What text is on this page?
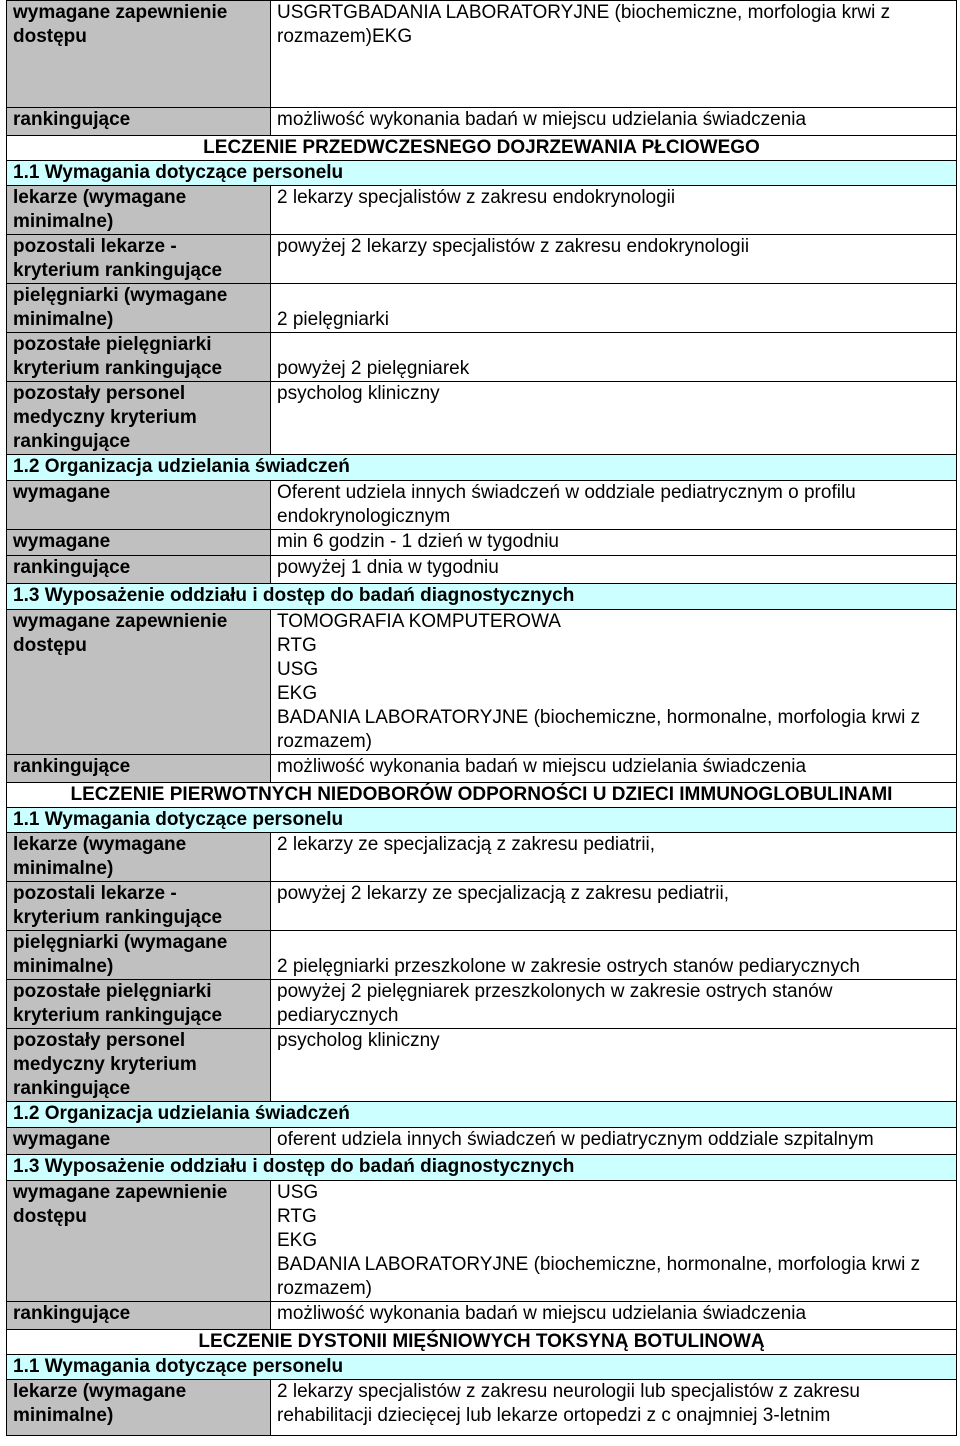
wymagane zapewnienie dostępu	USGRTGBADANIA LABORATORYJNE (biochemiczne, morfologia krwi z rozmazem)EKG
rankingujące	możliwość wykonania badań w miejscu udzielania świadczenia
LECZENIE PRZEDWCZESNEGO DOJRZEWANIA PŁCIOWEGO	
1.1 Wymagania dotyczące personelu	
lekarze (wymagane minimalne)	2 lekarzy specjalistów z zakresu endokrynologii
pozostali lekarze - kryterium rankingujące	powyżej 2 lekarzy specjalistów z zakresu endokrynologii
pielęgniarki (wymagane minimalne)	2 pielęgniarki
pozostałe pielęgniarki kryterium rankingujące	powyżej 2 pielęgniarek
pozostały personel medyczny kryterium rankingujące	psycholog kliniczny
1.2 Organizacja udzielania świadczeń	
wymagane	Oferent udziela innych świadczeń w oddziale pediatrycznym o profilu endokrynologicznym
wymagane	min 6 godzin - 1 dzień w tygodniu
rankingujące	powyżej 1 dnia w tygodniu
1.3 Wyposażenie oddziału i dostęp do badań diagnostycznych	
wymagane zapewnienie dostępu	TOMOGRAFIA KOMPUTEROWA
RTG
USG
EKG
BADANIA LABORATORYJNE (biochemiczne, hormonalne, morfologia krwi z rozmazem)
rankingujące	możliwość wykonania badań w miejscu udzielania świadczenia
LECZENIE PIERWOTNYCH NIEDOBORÓW ODPORNOŚCI U DZIECI IMMUNOGLOBULINAMI	
1.1 Wymagania dotyczące personelu	
lekarze (wymagane minimalne)	2 lekarzy ze specjalizacją z zakresu pediatrii,
pozostali lekarze - kryterium rankingujące	powyżej 2 lekarzy ze specjalizacją z zakresu pediatrii,
pielęgniarki (wymagane minimalne)	2 pielęgniarki przeszkolone w zakresie ostrych stanów pediarycznych
pozostałe pielęgniarki kryterium rankingujące	powyżej 2 pielęgniarek przeszkolonych w zakresie ostrych stanów pediarycznych
pozostały personel medyczny kryterium rankingujące	psycholog kliniczny
1.2 Organizacja udzielania świadczeń	
wymagane	oferent udziela innych świadczeń w pediatrycznym oddziale szpitalnym
1.3 Wyposażenie oddziału i dostęp do badań diagnostycznych	
wymagane zapewnienie dostępu	USG
RTG
EKG
BADANIA LABORATORYJNE (biochemiczne, hormonalne, morfologia krwi z rozmazem)
rankingujące	możliwość wykonania badań w miejscu udzielania świadczenia
LECZENIE DYSTONII MIĘŚNIOWYCH TOKSYNĄ BOTULINOWĄ	
1.1 Wymagania dotyczące personelu	
lekarze (wymagane minimalne)	2 lekarzy specjalistów z zakresu neurologii lub specjalistów z zakresu rehabilitacji dziecięcej lub lekarze ortopedzi z c onajmniej 3-letnim
